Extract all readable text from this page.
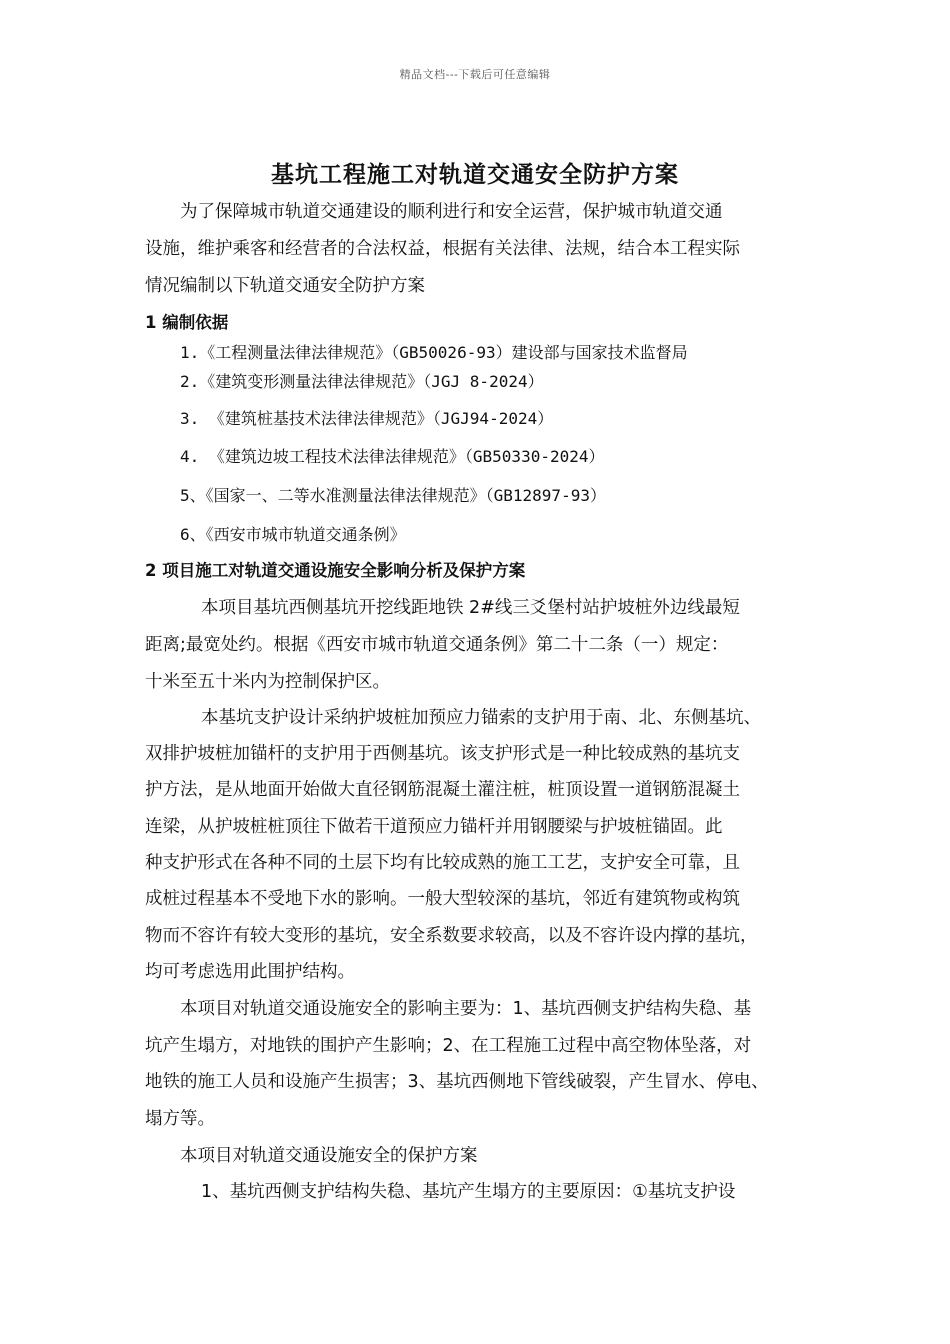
精品文档---下载后可任意编辑
基坑工程施工对轨道交通安全防护方案
为了保障城市轨道交通建设的顺利进行和安全运营，保护城市轨道交通
设施，维护乘客和经营者的合法权益，根据有关法律、法规，结合本工程实际
情况编制以下轨道交通安全防护方案
1 编制依据
1.《工程测量法律法律规范》（GB50026-93）建设部与国家技术监督局
2.《建筑变形测量法律法律规范》（JGJ 8-2024）
3. 《建筑桩基技术法律法律规范》（JGJ94-2024）
4. 《建筑边坡工程技术法律法律规范》（GB50330-2024）
5、《国家一、二等水准测量法律法律规范》（GB12897-93）
6、《西安市城市轨道交通条例》
2 项目施工对轨道交通设施安全影响分析及保护方案
本项目基坑西侧基坑开挖线距地铁 2#线三爻堡村站护坡桩外边线最短
距离;最宽处约。根据《西安市城市轨道交通条例》第二十二条（一）规定：
十米至五十米内为控制保护区。
本基坑支护设计采纳护坡桩加预应力锚索的支护用于南、北、东侧基坑、
双排护坡桩加锚杆的支护用于西侧基坑。该支护形式是一种比较成熟的基坑支
护方法，是从地面开始做大直径钢筋混凝土灌注桩，桩顶设置一道钢筋混凝土
连梁，从护坡桩桩顶往下做若干道预应力锚杆并用钢腰梁与护坡桩锚固。此
种支护形式在各种不同的土层下均有比较成熟的施工工艺，支护安全可靠，且
成桩过程基本不受地下水的影响。一般大型较深的基坑，邻近有建筑物或构筑
物而不容许有较大变形的基坑，安全系数要求较高，以及不容许设内撑的基坑，
均可考虑选用此围护结构。
本项目对轨道交通设施安全的影响主要为：1、基坑西侧支护结构失稳、基
坑产生塌方，对地铁的围护产生影响；2、在工程施工过程中高空物体坠落，对
地铁的施工人员和设施产生损害；3、基坑西侧地下管线破裂，产生冒水、停电、
塌方等。
本项目对轨道交通设施安全的保护方案
1、基坑西侧支护结构失稳、基坑产生塌方的主要原因：①基坑支护设
